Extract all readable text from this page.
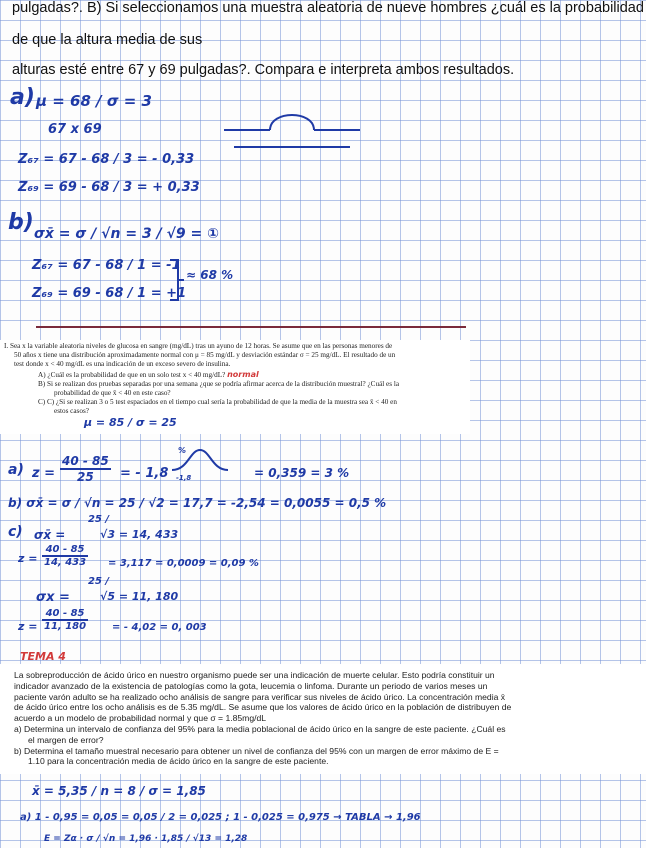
pulgadas?. B) Si seleccionamos una muestra aleatoria de nueve hombres ¿cuál es la probabilidad
de que la altura media de sus
alturas esté entre 67 y 69 pulgadas?. Compara e interpreta ambos resultados.
a) μ = 68 / σ = 3
67 x 69
Z₆₇ = 67 - 68 / 3 = - 0,33
Z₆₉ = 69 - 68 / 3 = + 0,33
b) σx̄ = σ / √n = 3 / √9 = ①
Z₆₇ = 67 - 68 / 1 = -1
Z₆₉ = 69 - 68 / 1 = +1
≈ 68 %
I. Sea x la variable aleatoria niveles de glucosa en sangre (mg/dL) tras un ayuno de 12 horas. Se asume que en las personas menores de
50 años x tiene una distribución aproximadamente normal con μ = 85 mg/dL y desviación estándar σ = 25 mg/dL. El resultado de un
test donde x < 40 mg/dL es una indicación de un exceso severo de insulina.
A) ¿Cuál es la probabilidad de que en un solo test x < 40 mg/dL? normal
B) Si se realizan dos pruebas separadas por una semana ¿que se podría afirmar acerca de la distribución muestral? ¿Cuál es la
probabilidad de que x̄ < 40 en este caso?
C) C) ¿Si se realizan 3 o 5 test espaciados en el tiempo cual sería la probabilidad de que la media de la muestra sea x̄ < 40 en
estos casos?
μ = 85 / σ = 25
a) $z = \frac{40 - 85}{25}$ = - 1,8
%
-1,8	= 0,359 = 3 %
b) σx̄ = σ / √n = 25 / √2 = 17,7 = -2,54 = 0,0055 = 0,5 %
c) σx̄ =
25 /
√3 = 14, 433
$z = \frac{40 - 85}{14, 433} = 3,117 = 0,0009 = 0,09$ %
σx =
25 /
√5 = 11, 180
$z = \frac{40 - 85}{11, 180}$ = - 4,02 = 0, 003
TEMA 4
La sobreproducción de ácido úrico en nuestro organismo puede ser una indicación de muerte celular. Esto podría constituir un
indicador avanzado de la existencia de patologías como la gota, leucemia o linfoma. Durante un periodo de varios meses un
paciente varón adulto se ha realizado ocho análisis de sangre para verificar sus niveles de ácido úrico. La concentración media x̄
de ácido úrico entre los ocho análisis es de 5.35 mg/dL. Se asume que los valores de ácido úrico en la población de distribuyen de
acuerdo a un modelo de probabilidad normal y que σ = 1.85mg/dL
a) Determina un intervalo de confianza del 95% para la media poblacional de ácido úrico en la sangre de este paciente. ¿Cuál es
el margen de error?
b) Determina el tamaño muestral necesario para obtener un nivel de confianza del 95% con un margen de error máximo de E =
1.10 para la concentración media de ácido úrico en la sangre de este paciente.
x̄ = 5,35 / n = 8 / σ = 1,85
a) 1 - 0,95 = 0,05 = 0,05 / 2 = 0,025 ; 1 - 0,025 = 0,975 → TABLA → 1,96
E = Zα · σ / √n = 1,96 · 1,85 / √13 = 1,28
